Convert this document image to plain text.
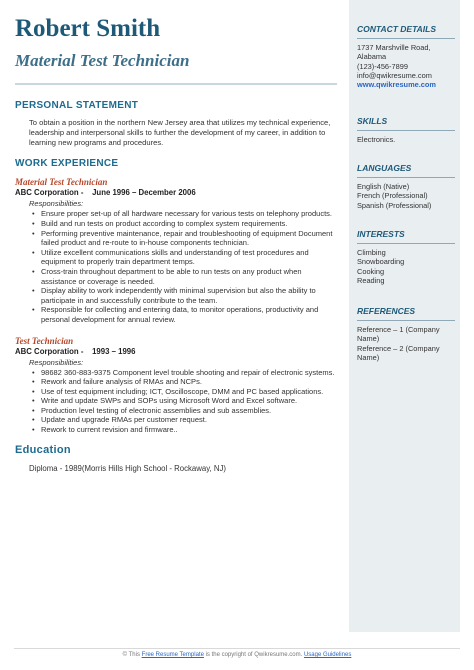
Robert Smith
Material Test Technician
PERSONAL STATEMENT
To obtain a position in the northern New Jersey area that utilizes my technical experience, leadership and interpersonal skills to further the development of my career, in addition to learning new programs and procedures.
WORK EXPERIENCE
Material Test Technician
ABC Corporation -    June 1996 – December 2006
Responsibilities:
• Ensure proper set-up of all hardware necessary for various tests on telephony products.
• Build and run tests on product according to complex system requirements.
• Performing preventive maintenance, repair and troubleshooting of equipment Document failed product and re-route to in-house components technician.
• Utilize excellent communications skills and understanding of test procedures and equipment to properly train department temps.
• Cross-train throughout department to be able to run tests on any product when assistance or coverage is needed.
• Display ability to work independently with minimal supervision but also the ability to participate in and successfully contribute to the team.
• Responsible for collecting and entering data, to monitor operations, productivity and personal development for annual review.
Test Technician
ABC Corporation -    1993 – 1996
Responsibilities:
• 98682 360-883-9375 Component level trouble shooting and repair of electronic systems.
• Rework and failure analysis of RMAs and NCPs.
• Use of test equipment including; ICT, Oscilloscope, DMM and PC based applications.
• Write and update SWPs and SOPs using Microsoft Word and Excel software.
• Production level testing of electronic assemblies and sub assemblies.
• Update and upgrade RMAs per customer request.
• Rework to current revision and firmware..
Education
Diploma - 1989(Morris Hills High School - Rockaway, NJ)
CONTACT DETAILS
1737 Marshville Road,
Alabama
(123)-456-7899
info@qwikresume.com
www.qwikresume.com
SKILLS
Electronics.
LANGUAGES
English (Native)
French (Professional)
Spanish (Professional)
INTERESTS
Climbing
Snowboarding
Cooking
Reading
REFERENCES
Reference – 1 (Company Name)
Reference – 2 (Company Name)
© This Free Resume Template is the copyright of Qwikresume.com. Usage Guidelines
